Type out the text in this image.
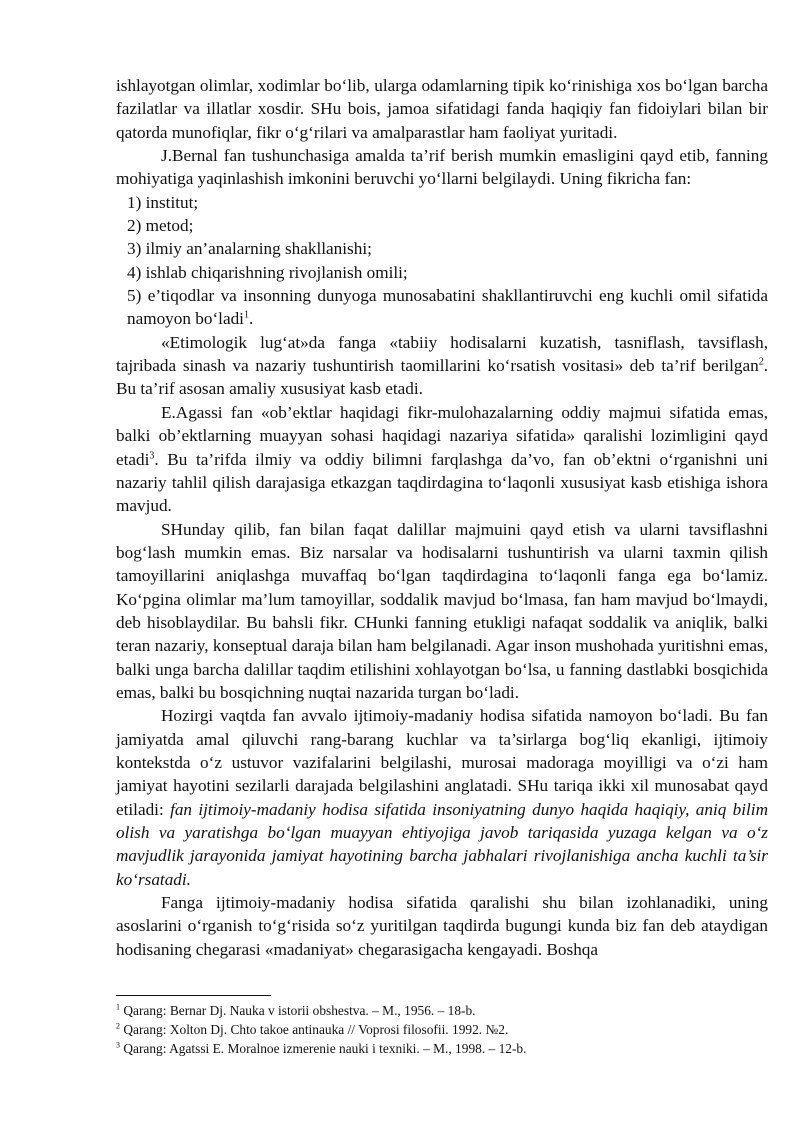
ishlayotgan olimlar, xodimlar bo‘lib, ularga odamlarning tipik ko‘rinishiga xos bo‘lgan barcha fazilatlar va illatlar xosdir. SHu bois, jamoa sifatidagi fanda haqiqiy fan fidoiylari bilan bir qatorda munofiqlar, fikr o‘g‘rilari va amalparastlar ham faoliyat yuritadi.

J.Bernal fan tushunchasiga amalda ta’rif berish mumkin emasligini qayd etib, fanning mohiyatiga yaqinlashish imkonini beruvchi yo‘llarni belgilaydi. Uning fikricha fan:

1) institut;

2) metod;

3) ilmiy an’analarning shakllanishi;

4) ishlab chiqarishning rivojlanish omili;

5) e’tiqodlar va insonning dunyoga munosabatini shakllantiruvchi eng kuchli omil sifatida namoyon bo‘ladi$^1$.

«Etimologik lug‘at»da fanga «tabiiy hodisalarni kuzatish, tasniflash, tavsiflash, tajribada sinash va nazariy tushuntirish taomillarini ko‘rsatish vositasi» deb ta’rif berilgan$^2$. Bu ta’rif asosan amaliy xususiyat kasb etadi.

E.Agassi fan «ob’ektlar haqidagi fikr-mulohazalarning oddiy majmui sifatida emas, balki ob’ektlarning muayyan sohasi haqidagi nazariya sifatida» qaralishi lozimligini qayd etadi$^3$. Bu ta’rifda ilmiy va oddiy bilimni farqlashga da’vo, fan ob’ektni o‘rganishni uni nazariy tahlil qilish darajasiga etkazgan taqdirdagina to‘laqonli xususiyat kasb etishiga ishora mavjud.

SHunday qilib, fan bilan faqat dalillar majmuini qayd etish va ularni tavsiflashni bog‘lash mumkin emas. Biz narsalar va hodisalarni tushuntirish va ularni taxmin qilish tamoyillarini aniqlashga muvaffaq bo‘lgan taqdirdagina to‘laqonli fanga ega bo‘lamiz. Ko‘pgina olimlar ma’lum tamoyillar, soddalik mavjud bo‘lmasa, fan ham mavjud bo‘lmaydi, deb hisoblaydilar. Bu bahsli fikr. CHunki fanning etukligi nafaqat soddalik va aniqlik, balki teran nazariy, konseptual daraja bilan ham belgilanadi. Agar inson mushohada yuritishni emas, balki unga barcha dalillar taqdim etilishini xohlayotgan bo‘lsa, u fanning dastlabki bosqichida emas, balki bu bosqichning nuqtai nazarida turgan bo‘ladi.

Hozirgi vaqtda fan avvalo ijtimoiy-madaniy hodisa sifatida namoyon bo‘ladi. Bu fan jamiyatda amal qiluvchi rang-barang kuchlar va ta’sirlarga bog‘liq ekanligi, ijtimoiy kontekstda o‘z ustuvor vazifalarini belgilashi, murosai madoraga moyilligi va o‘zi ham jamiyat hayotini sezilarli darajada belgilashini anglatadi. SHu tariqa ikki xil munosabat qayd etiladi: fan ijtimoiy-madaniy hodisa sifatida insoniyatning dunyo haqida haqiqiy, aniq bilim olish va yaratishga bo‘lgan muayyan ehtiyojiga javob tariqasida yuzaga kelgan va o‘z mavjudlik jarayonida jamiyat hayotining barcha jabhalari rivojlanishiga ancha kuchli ta’sir ko‘rsatadi.

Fanga ijtimoiy-madaniy hodisa sifatida qaralishi shu bilan izohlanadiki, uning asoslarini o‘rganish to‘g‘risida so‘z yuritilgan taqdirda bugungi kunda biz fan deb ataydigan hodisaning chegarasi «madaniyat» chegarasigacha kengayadi. Boshqa

$^1$ Qarang: Bernar Dj. Nauka v istorii obshestva. – M., 1956. – 18-b.
$^2$ Qarang: Xolton Dj. Chto takoe antinauka // Voprosi filosofii. 1992. №2.
$^3$ Qarang: Agatssi E. Moralnoe izmerenie nauki i texniki. – M., 1998. – 12-b.
